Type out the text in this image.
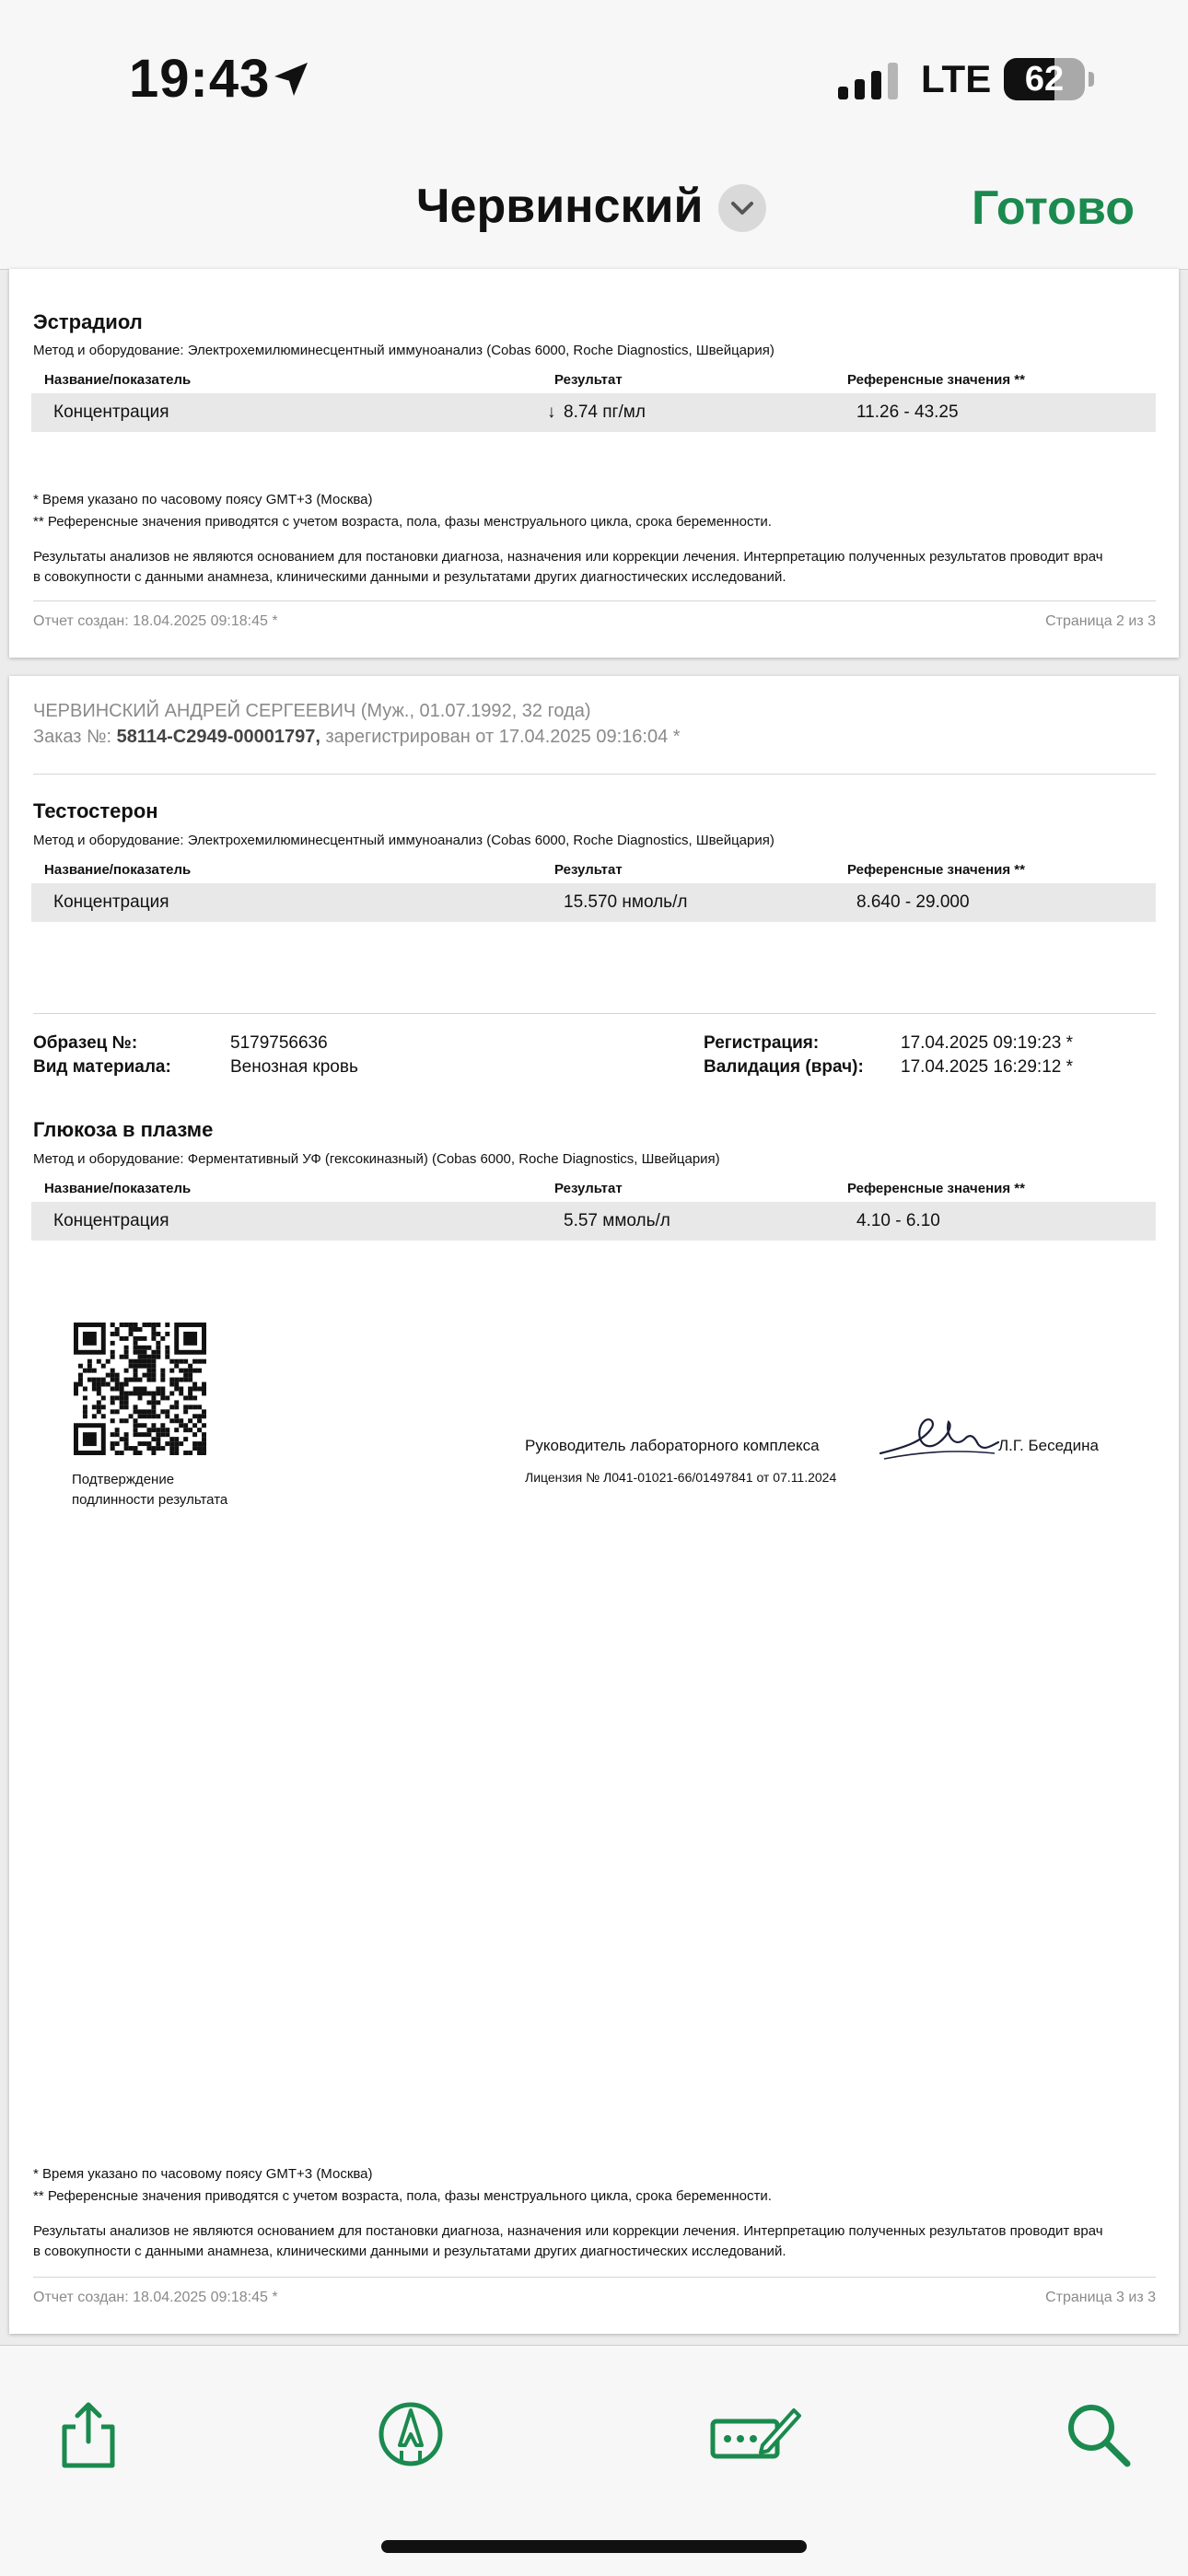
19:43	LTE 62
Червинский	Готово
Эстрадиол
Метод и оборудование: Электрохемилюминесцентный иммуноанализ (Cobas 6000, Roche Diagnostics, Швейцария)
Название/показатель	Результат	Референсные значения **
Концентрация	↓ 8.74 пг/мл	11.26 - 43.25
* Время указано по часовому поясу GMT+3 (Москва)
** Референсные значения приводятся с учетом возраста, пола, фазы менструального цикла, срока беременности.
Результаты анализов не являются основанием для постановки диагноза, назначения или коррекции лечения. Интерпретацию полученных результатов проводит врач
в совокупности с данными анамнеза, клиническими данными и результатами других диагностических исследований.
Отчет создан: 18.04.2025 09:18:45 *	Страница 2 из 3
ЧЕРВИНСКИЙ АНДРЕЙ СЕРГЕЕВИЧ (Муж., 01.07.1992, 32 года)
Заказ №: 58114-C2949-00001797, зарегистрирован от 17.04.2025 09:16:04 *
Тестостерон
Метод и оборудование: Электрохемилюминесцентный иммуноанализ (Cobas 6000, Roche Diagnostics, Швейцария)
Название/показатель	Результат	Референсные значения **
Концентрация	15.570 нмоль/л	8.640 - 29.000
Образец №:	5179756636
Вид материала:	Венозная кровь
Регистрация:	17.04.2025 09:19:23 *
Валидация (врач): 17.04.2025 16:29:12 *
Глюкоза в плазме
Метод и оборудование: Ферментативный УФ (гексокиназный) (Cobas 6000, Roche Diagnostics, Швейцария)
Название/показатель	Результат	Референсные значения **
Концентрация	5.57 ммоль/л	4.10 - 6.10
Подтверждение
подлинности результата
Руководитель лабораторного комплекса	Л.Г. Беседина
Лицензия № Л041-01021-66/01497841 от 07.11.2024
* Время указано по часовому поясу GMT+3 (Москва)
** Референсные значения приводятся с учетом возраста, пола, фазы менструального цикла, срока беременности.
Результаты анализов не являются основанием для постановки диагноза, назначения или коррекции лечения. Интерпретацию полученных результатов проводит врач
в совокупности с данными анамнеза, клиническими данными и результатами других диагностических исследований.
Отчет создан: 18.04.2025 09:18:45 *	Страница 3 из 3
